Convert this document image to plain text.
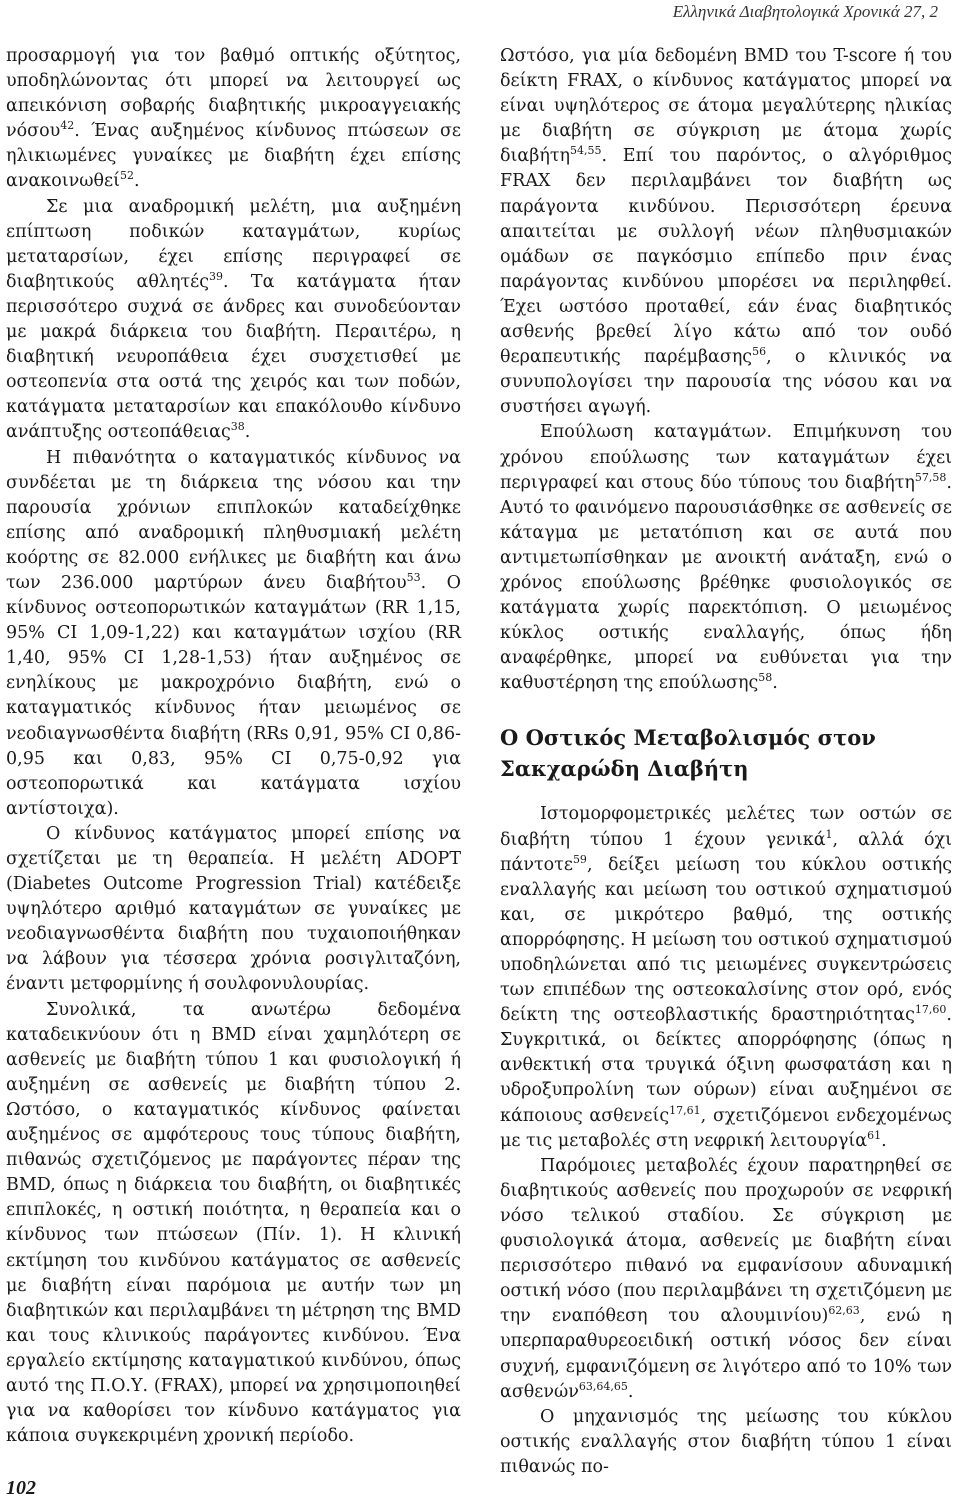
Ελληνικά Διαβητολογικά Χρονικά 27, 2

προσαρμογή για τον βαθμό οπτικής οξύτητος, υποδηλώνοντας ότι μπορεί να λειτουργεί ως απεικόνιση σοβαρής διαβητικής μικροαγγειακής νόσου$^{42}$. Ένας αυξημένος κίνδυνος πτώσεων σε ηλικιωμένες γυναίκες με διαβήτη έχει επίσης ανακοινωθεί$^{52}$.

Σε μια αναδρομική μελέτη, μια αυξημένη επίπτωση ποδικών καταγμάτων, κυρίως μεταταρσίων, έχει επίσης περιγραφεί σε διαβητικούς αθλητές$^{39}$. Τα κατάγματα ήταν περισσότερο συχνά σε άνδρες και συνοδεύονταν με μακρά διάρκεια του διαβήτη. Περαιτέρω, η διαβητική νευροπάθεια έχει συσχετισθεί με οστεοπενία στα οστά της χειρός και των ποδών, κατάγματα μεταταρσίων και επακόλουθο κίνδυνο ανάπτυξης οστεοπάθειας$^{38}$.

Η πιθανότητα ο καταγματικός κίνδυνος να συνδέεται με τη διάρκεια της νόσου και την παρουσία χρόνιων επιπλοκών καταδείχθηκε επίσης από αναδρομική πληθυσμιακή μελέτη κοόρτης σε 82.000 ενήλικες με διαβήτη και άνω των 236.000 μαρτύρων άνευ διαβήτου$^{53}$. Ο κίνδυνος οστεοπορωτικών καταγμάτων (RR 1,15, 95% CI 1,09-1,22) και καταγμάτων ισχίου (RR 1,40, 95% CI 1,28-1,53) ήταν αυξημένος σε ενηλίκους με μακροχρόνιο διαβήτη, ενώ ο καταγματικός κίνδυνος ήταν μειωμένος σε νεοδιαγνωσθέντα διαβήτη (RRs 0,91, 95% CI 0,86-0,95 και 0,83, 95% CI 0,75-0,92 για οστεοπορωτικά και κατάγματα ισχίου αντίστοιχα).

Ο κίνδυνος κατάγματος μπορεί επίσης να σχετίζεται με τη θεραπεία. Η μελέτη ADOPT (Diabetes Outcome Progression Trial) κατέδειξε υψηλότερο αριθμό καταγμάτων σε γυναίκες με νεοδιαγνωσθέντα διαβήτη που τυχαιοποιήθηκαν να λάβουν για τέσσερα χρόνια ροσιγλιταζόνη, έναντι μετφορμίνης ή σουλφονυλουρίας.

Συνολικά, τα ανωτέρω δεδομένα καταδεικνύουν ότι η BMD είναι χαμηλότερη σε ασθενείς με διαβήτη τύπου 1 και φυσιολογική ή αυξημένη σε ασθενείς με διαβήτη τύπου 2. Ωστόσο, ο καταγματικός κίνδυνος φαίνεται αυξημένος σε αμφότερους τους τύπους διαβήτη, πιθανώς σχετιζόμενος με παράγοντες πέραν της BMD, όπως η διάρκεια του διαβήτη, οι διαβητικές επιπλοκές, η οστική ποιότητα, η θεραπεία και ο κίνδυνος των πτώσεων (Πίν. 1). Η κλινική εκτίμηση του κινδύνου κατάγματος σε ασθενείς με διαβήτη είναι παρόμοια με αυτήν των μη διαβητικών και περιλαμβάνει τη μέτρηση της BMD και τους κλινικούς παράγοντες κινδύνου. Ένα εργαλείο εκτίμησης καταγματικού κινδύνου, όπως αυτό της Π.Ο.Υ. (FRAX), μπορεί να χρησιμοποιηθεί για να καθορίσει τον κίνδυνο κατάγματος για κάποια συγκεκριμένη χρονική περίοδο.

Ωστόσο, για μία δεδομένη BMD του T-score ή του δείκτη FRAX, ο κίνδυνος κατάγματος μπορεί να είναι υψηλότερος σε άτομα μεγαλύτερης ηλικίας με διαβήτη σε σύγκριση με άτομα χωρίς διαβήτη$^{54,55}$. Επί του παρόντος, ο αλγόριθμος FRAX δεν περιλαμβάνει τον διαβήτη ως παράγοντα κινδύνου. Περισσότερη έρευνα απαιτείται με συλλογή νέων πληθυσμιακών ομάδων σε παγκόσμιο επίπεδο πριν ένας παράγοντας κινδύνου μπορέσει να περιληφθεί. Έχει ωστόσο προταθεί, εάν ένας διαβητικός ασθενής βρεθεί λίγο κάτω από τον ουδό θεραπευτικής παρέμβασης$^{56}$, ο κλινικός να συνυπολογίσει την παρουσία της νόσου και να συστήσει αγωγή.

Επούλωση καταγμάτων. Επιμήκυνση του χρόνου επούλωσης των καταγμάτων έχει περιγραφεί και στους δύο τύπους του διαβήτη$^{57,58}$. Αυτό το φαινόμενο παρουσιάσθηκε σε ασθενείς σε κάταγμα με μετατόπιση και σε αυτά που αντιμετωπίσθηκαν με ανοικτή ανάταξη, ενώ ο χρόνος επούλωσης βρέθηκε φυσιολογικός σε κατάγματα χωρίς παρεκτόπιση. Ο μειωμένος κύκλος οστικής εναλλαγής, όπως ήδη αναφέρθηκε, μπορεί να ευθύνεται για την καθυστέρηση της επούλωσης$^{58}$.

Ο Οστικός Μεταβολισμός στον Σακχαρώδη Διαβήτη

Ιστομορφομετρικές μελέτες των οστών σε διαβήτη τύπου 1 έχουν γενικά$^1$, αλλά όχι πάντοτε$^{59}$, δείξει μείωση του κύκλου οστικής εναλλαγής και μείωση του οστικού σχηματισμού και, σε μικρότερο βαθμό, της οστικής απορρόφησης. Η μείωση του οστικού σχηματισμού υποδηλώνεται από τις μειωμένες συγκεντρώσεις των επιπέδων της οστεοκαλσίνης στον ορό, ενός δείκτη της οστεοβλαστικής δραστηριότητας$^{17,60}$. Συγκριτικά, οι δείκτες απορρόφησης (όπως η ανθεκτική στα τρυγικά όξινη φωσφατάση και η υδροξυπρολίνη των ούρων) είναι αυξημένοι σε κάποιους ασθενείς$^{17,61}$, σχετιζόμενοι ενδεχομένως με τις μεταβολές στη νεφρική λειτουργία$^{61}$.

Παρόμοιες μεταβολές έχουν παρατηρηθεί σε διαβητικούς ασθενείς που προχωρούν σε νεφρική νόσο τελικού σταδίου. Σε σύγκριση με φυσιολογικά άτομα, ασθενείς με διαβήτη είναι περισσότερο πιθανό να εμφανίσουν αδυναμική οστική νόσο (που περιλαμβάνει τη σχετιζόμενη με την εναπόθεση του αλουμινίου)$^{62,63}$, ενώ η υπερπαραθυρεοειδική οστική νόσος δεν είναι συχνή, εμφανιζόμενη σε λιγότερο από το 10% των ασθενών$^{63,64,65}$.

Ο μηχανισμός της μείωσης του κύκλου οστικής εναλλαγής στον διαβήτη τύπου 1 είναι πιθανώς πο-

102
